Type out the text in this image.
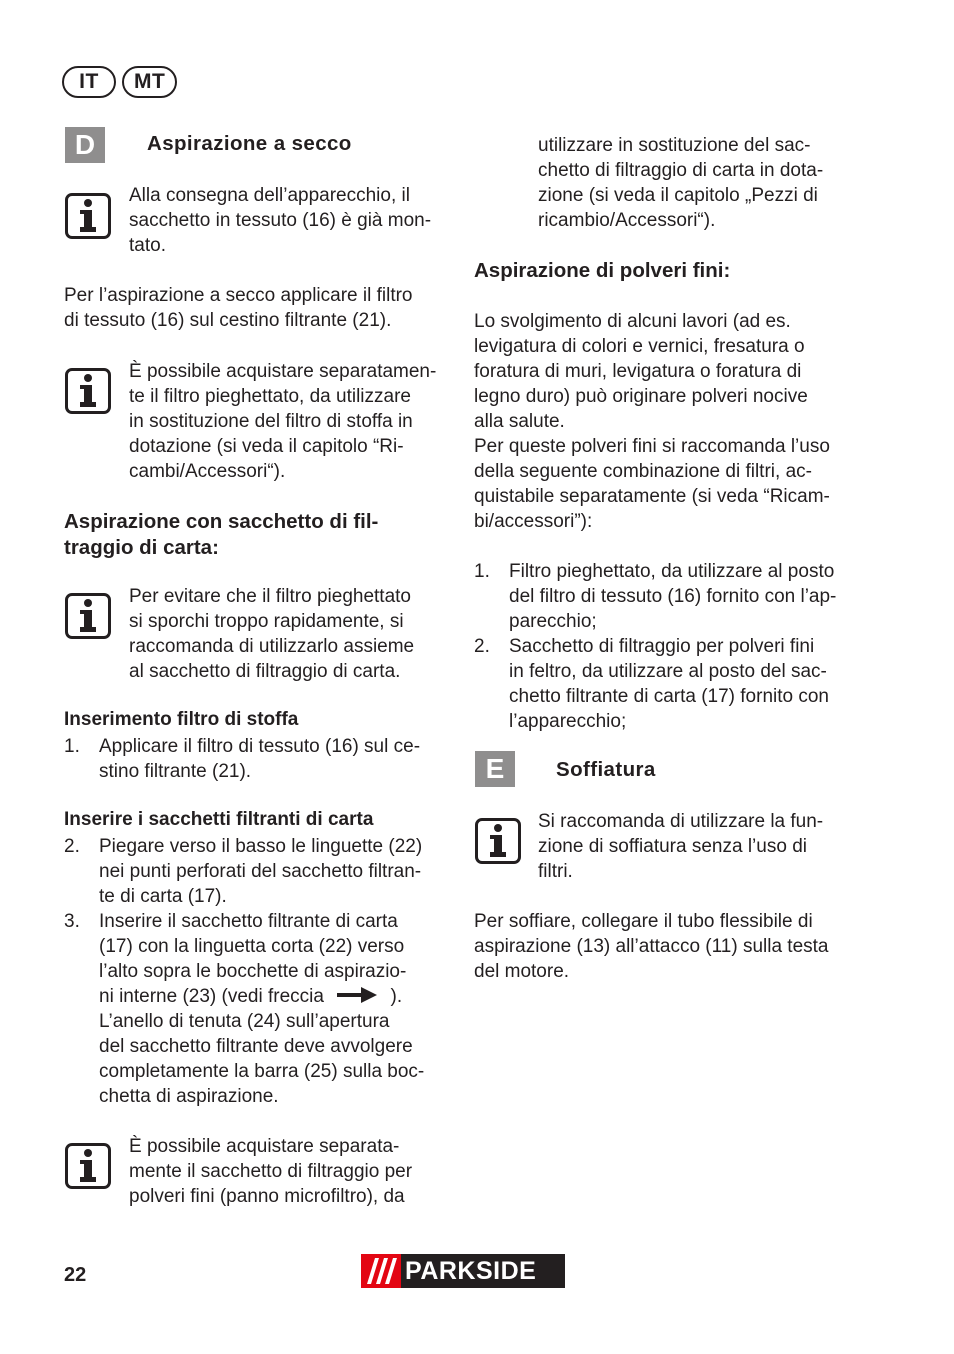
IT	MT
D	Aspirazione a secco
Alla consegna dell’apparecchio, il
sacchetto in tessuto (16) è già mon-
tato.
Per l’aspirazione a secco applicare il filtro
di tessuto (16) sul cestino filtrante (21).
È possibile acquistare separatamen-
te il filtro pieghettato, da utilizzare
in sostituzione del filtro di stoffa in
dotazione (si veda il capitolo “Ri-
cambi/Accessori“).
Aspirazione con sacchetto di fil-
traggio di carta:
Per evitare che il filtro pieghettato
si sporchi troppo rapidamente, si
raccomanda di utilizzarlo assieme
al sacchetto di filtraggio di carta.
Inserimento filtro di stoffa
1. Applicare il filtro di tessuto (16) sul ce-
stino filtrante (21).
Inserire i sacchetti filtranti di carta
2. Piegare verso il basso le linguette (22)
nei punti perforati del sacchetto filtran-
te di carta (17).
3. Inserire il sacchetto filtrante di carta
(17) con la linguetta corta (22) verso
l’alto sopra le bocchette di aspirazio-
ni interne (23) (vedi freccia	).
L’anello di tenuta (24) sull’apertura
del sacchetto filtrante deve avvolgere
completamente la barra (25) sulla boc-
chetta di aspirazione.
È possibile acquistare separata-
mente il sacchetto di filtraggio per
polveri fini (panno microfiltro), da
utilizzare in sostituzione del sac-
chetto di filtraggio di carta in dota-
zione (si veda il capitolo „Pezzi di
ricambio/Accessori“).
Aspirazione di polveri fini:
Lo svolgimento di alcuni lavori (ad es.
levigatura di colori e vernici, fresatura o
foratura di muri, levigatura o foratura di
legno duro) può originare polveri nocive
alla salute.
Per queste polveri fini si raccomanda l’uso
della seguente combinazione di filtri, ac-
quistabile separatamente (si veda “Ricam-
bi/accessori”):
1. Filtro pieghettato, da utilizzare al posto
del filtro di tessuto (16) fornito con l’ap-
parecchio;
2. Sacchetto di filtraggio per polveri fini
in feltro, da utilizzare al posto del sac-
chetto filtrante di carta (17) fornito con
l’apparecchio;
E	Soffiatura
Si raccomanda di utilizzare la fun-
zione di soffiatura senza l’uso di
filtri.
Per soffiare, collegare il tubo flessibile di
aspirazione (13) all’attacco (11) sulla testa
del motore.
22	PARKSIDE
